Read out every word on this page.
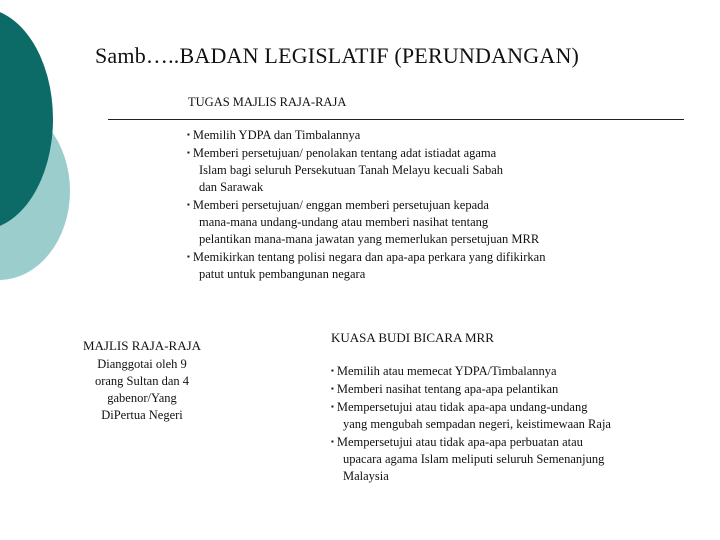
Samb…..BADAN LEGISLATIF (PERUNDANGAN)
TUGAS MAJLIS RAJA-RAJA
▪ Memilih YDPA dan Timbalannya
▪ Memberi persetujuan/ penolakan tentang adat istiadat agama
Islam bagi seluruh Persekutuan Tanah Melayu kecuali Sabah
dan Sarawak
▪ Memberi persetujuan/ enggan memberi persetujuan kepada
mana-mana undang-undang atau memberi nasihat tentang
pelantikan mana-mana jawatan yang memerlukan persetujuan MRR
▪ Memikirkan tentang polisi negara dan apa-apa perkara yang difikirkan
patut untuk pembangunan negara
MAJLIS RAJA-RAJA
Dianggotai oleh 9
orang Sultan dan 4
gabenor/Yang
DiPertua Negeri
KUASA BUDI BICARA MRR
▪ Memilih atau memecat YDPA/Timbalannya
▪ Memberi nasihat tentang apa-apa pelantikan
▪ Mempersetujui atau tidak apa-apa undang-undang
yang mengubah sempadan negeri, keistimewaan Raja
▪ Mempersetujui atau tidak apa-apa perbuatan atau
upacara agama Islam meliputi seluruh Semenanjung
Malaysia
